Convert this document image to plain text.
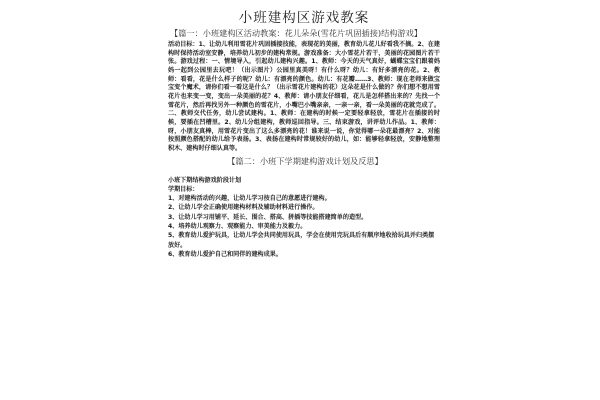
小班建构区游戏教案
【篇一：小班建构区活动教案：花儿朵朵(雪花片巩固插接)结构游戏】

活动目标：1、让幼儿利用雪花片巩固插接技能，表现花的美丽，教育幼儿花儿好看我不摘。2、在建构时保持活动室安静，培养幼儿初步的建构常规。游戏准备：大小雪花片若干，美丽的花园图片若干张。游戏过程：一、情境导入，引起幼儿建构兴趣。1、教师：今天的天气真好，蝴蝶宝宝们跟着妈妈一起到公园里去玩吧！（出示图片）公园里真美呀！有什么呀？幼儿：有好多漂亮的花。2、教师：看看，花是什么样子的呢？幼儿：有漂亮的颜色。幼儿：有花瓣……3、教师：现在老师来做宝宝变个魔术，请你们看一看这是什么？（出示雪花片建构的花）这朵花是什么做的？你们想不想用雪花片也来变一变，变出一朵美丽的花？4、教师：请小朋友仔细看，花儿是怎样搭出来的？先找一个雪花片，然后再找另外一种颜色的雪花片，小嘴巴小嘴亲亲，一亲一亲，看一朵美丽的花就完成了。二、教师交代任务，幼儿尝试建构。1、教师：在建构的时候一定要轻拿轻放，雪花片在插接的时候，要插在凹槽里。2、幼儿分组建构，教师巡回指导。三、结束游戏，讲评幼儿作品。1、教师：呀，小朋友真棒，用雪花片变出了这么多漂亮的花！谁来说一说，你觉得哪一朵花最漂亮？2、对能按照颜色搭配的幼儿给予表扬。3、表扬在建构时常规较好的幼儿，如：能够轻拿轻放，安静地整理积木、建构时仔细认真等。

【篇二：小班下学期建构游戏计划及反思】

小班下期结构游戏阶段计划

学期目标：

1、对建构活动的兴趣，让幼儿学习按自己的意愿进行建构。

2、让幼儿学会正确使用建构材料及辅助材料进行操作。

3、让幼儿学习用铺平、延长、围合、搭高、拼插等技能搭建简单的造型。

4、培养幼儿观察力、观察能力、审美能力及毅力。

5、教育幼儿爱护玩具，让幼儿学会共同使用玩具，学会在使用完玩具后有顺序地收拾玩具并归类摆放好。

6、教育幼儿爱护自己和同伴的建构成果。
